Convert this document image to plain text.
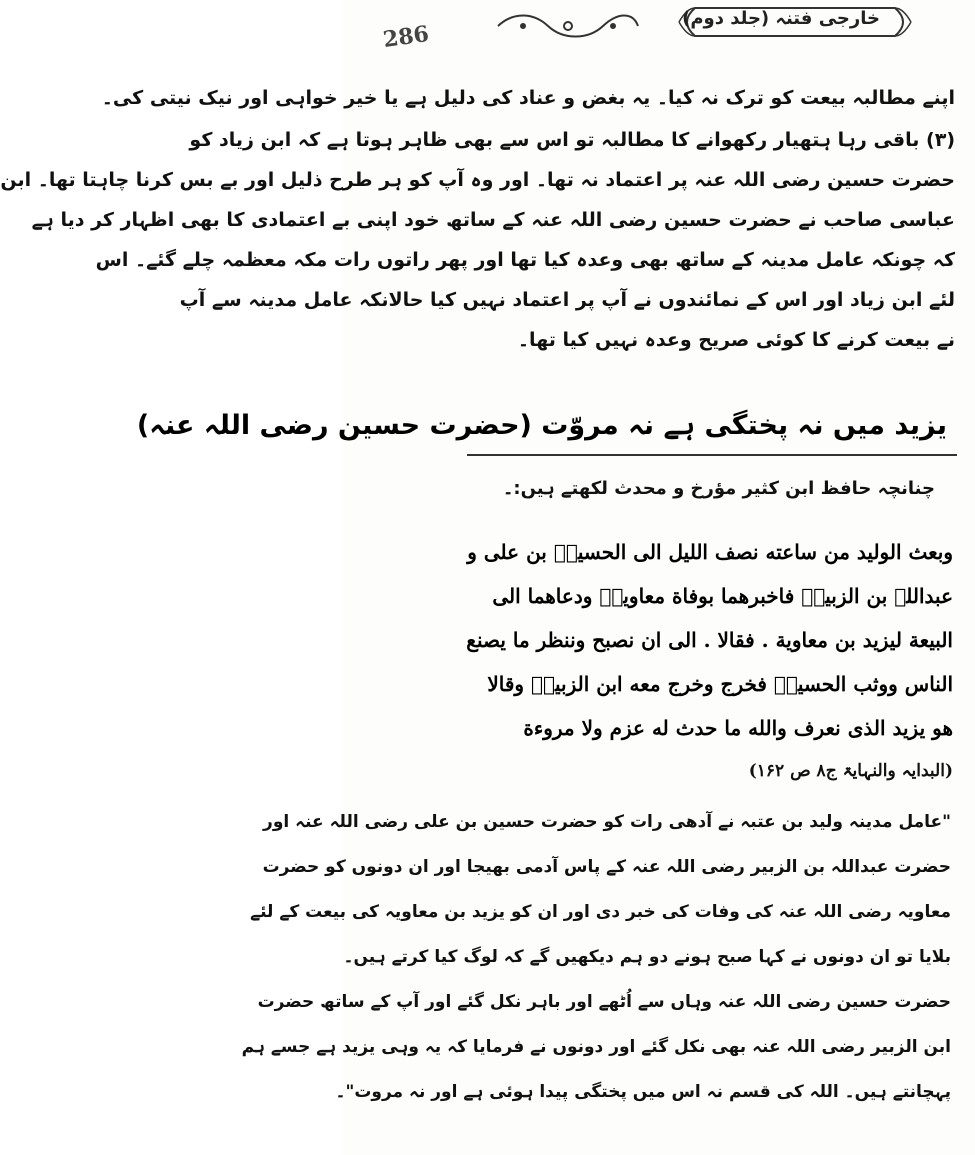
286
خارجی فتنہ (جلد دوم)

اپنے مطالبہ بیعت کو ترک نہ کیا۔ یہ بغض و عناد کی دلیل ہے یا خیر خواہی اور نیک نیتی کی۔

(۳) باقی رہا ہتھیار رکھوانے کا مطالبہ تو اس سے بھی ظاہر ہوتا ہے کہ ابن زیاد کو

حضرت حسین رضی اللہ عنہ پر اعتماد نہ تھا۔ اور وہ آپ کو ہر طرح ذلیل اور بے بس کرنا چاہتا تھا۔ ابن

عباسی صاحب نے حضرت حسین رضی اللہ عنہ کے ساتھ خود اپنی بے اعتمادی کا بھی اظہار کر دیا ہے

کہ چونکہ عامل مدینہ کے ساتھ بھی وعدہ کیا تھا اور پھر راتوں رات مکہ معظمہ چلے گئے۔ اس

لئے ابن زیاد اور اس کے نمائندوں نے آپ پر اعتماد نہیں کیا حالانکہ عامل مدینہ سے آپ

نے بیعت کرنے کا کوئی صریح وعدہ نہیں کیا تھا۔

یزید میں نہ پختگی ہے نہ مروّت (حضرت حسین رضی اللہ عنہ)
چنانچہ حافظ ابن کثیر مؤرخ و محدث لکھتے ہیں:۔

وبعث الوليد من ساعته نصف الليل الى الحسينؓ بن على و

عبداللہ بن الزبیرؓ فاخبرهما بوفاة معاويةؓ ودعاهما الى

البيعة ليزيد بن معاوية . فقالا . الى ان نصبح وننظر ما يصنع

الناس ووثب الحسينؓ فخرج وخرج معه ابن الزبيرؓ وقالا

هو يزيد الذى نعرف والله ما حدث له عزم ولا مروءة

(البدایہ والنہایۃ ج۸ ص ۱۶۲)

"عامل مدینہ ولید بن عتبہ نے آدھی رات کو حضرت حسین بن علی رضی اللہ عنہ اور

حضرت عبداللہ بن الزبیر رضی اللہ عنہ کے پاس آدمی بھیجا اور ان دونوں کو حضرت

معاویہ رضی اللہ عنہ کی وفات کی خبر دی اور ان کو یزید بن معاویہ کی بیعت کے لئے

بلایا تو ان دونوں نے کہا صبح ہونے دو ہم دیکھیں گے کہ لوگ کیا کرتے ہیں۔

حضرت حسین رضی اللہ عنہ وہاں سے اُٹھے اور باہر نکل گئے اور آپ کے ساتھ حضرت

ابن الزبیر رضی اللہ عنہ بھی نکل گئے اور دونوں نے فرمایا کہ یہ وہی یزید ہے جسے ہم

پہچانتے ہیں۔ اللہ کی قسم نہ اس میں پختگی پیدا ہوئی ہے اور نہ مروت"۔
